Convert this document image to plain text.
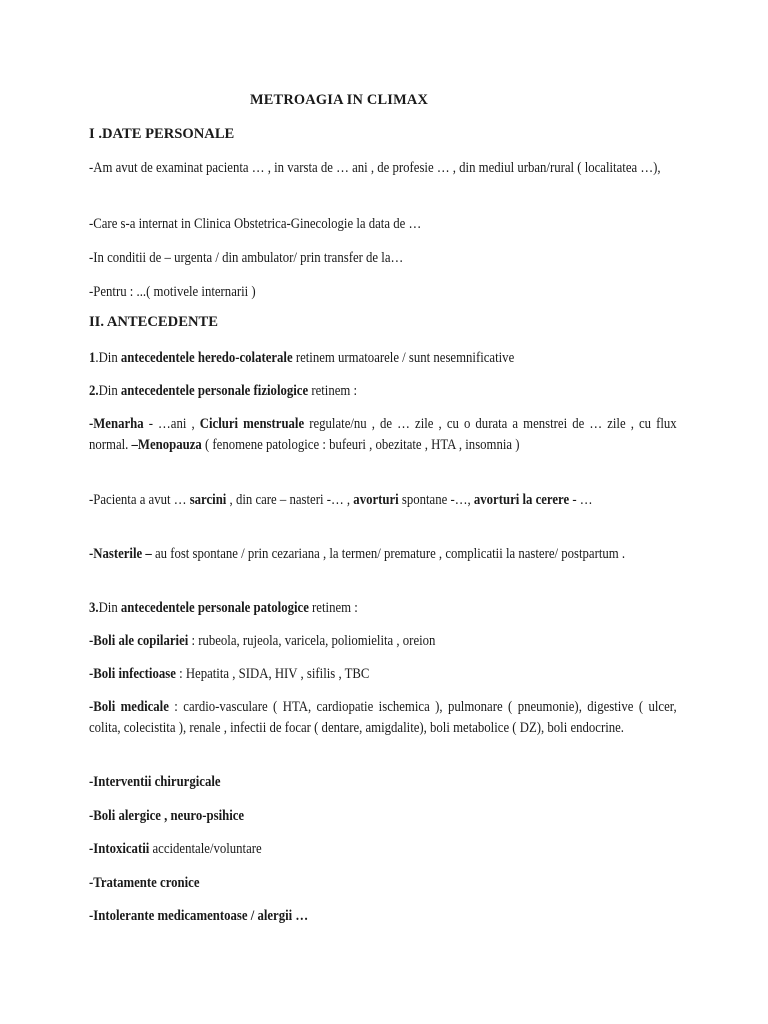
METROAGIA IN CLIMAX
I .DATE PERSONALE
-Am avut de examinat pacienta … , in varsta de … ani , de profesie … , din mediul urban/rural ( localitatea …),
-Care s-a internat in Clinica Obstetrica-Ginecologie la data de …
-In conditii de – urgenta / din ambulator/ prin transfer de la…
-Pentru : ...( motivele internarii )
II. ANTECEDENTE
1.Din antecedentele heredo-colaterale retinem urmatoarele / sunt nesemnificative
2.Din antecedentele personale fiziologice retinem :
-Menarha - …ani , Cicluri menstruale regulate/nu , de … zile , cu o durata a menstrei de … zile , cu flux normal. –Menopauza ( fenomene patologice : bufeuri , obezitate , HTA , insomnia )
-Pacienta a avut … sarcini , din care – nasteri -… , avorturi spontane -…, avorturi la cerere - …
-Nasterile – au fost spontane / prin cezariana , la termen/ premature , complicatii la nastere/ postpartum .
3.Din antecedentele personale patologice retinem :
-Boli ale copilariei : rubeola, rujeola, varicela, poliomielita , oreion
-Boli infectioase : Hepatita , SIDA, HIV , sifilis , TBC
-Boli medicale : cardio-vasculare ( HTA, cardiopatie ischemica ), pulmonare ( pneumonie), digestive ( ulcer, colita, colecistita ), renale , infectii de focar ( dentare, amigdalite), boli metabolice ( DZ), boli endocrine.
-Interventii chirurgicale
-Boli alergice , neuro-psihice
-Intoxicatii accidentale/voluntare
-Tratamente cronice
-Intolerante medicamentoase / alergii …
